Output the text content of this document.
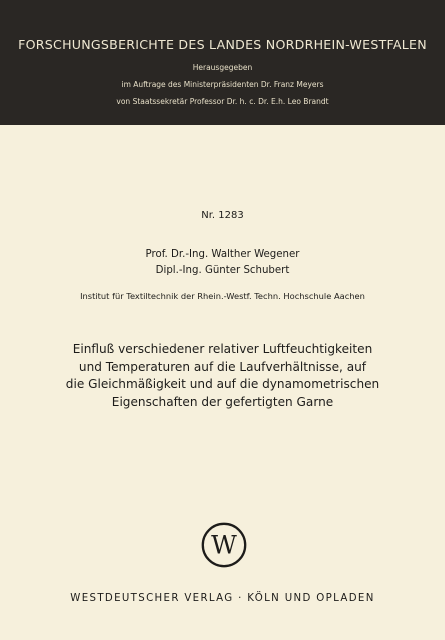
FORSCHUNGSBERICHTE DES LANDES NORDRHEIN-WESTFALEN
Herausgegeben
im Auftrage des Ministerpräsidenten Dr. Franz Meyers
von Staatssekretär Professor Dr. h. c. Dr. E.h. Leo Brandt
Nr. 1283
Prof. Dr.-Ing. Walther Wegener
Dipl.-Ing. Günter Schubert
Institut für Textiltechnik der Rhein.-Westf. Techn. Hochschule Aachen
Einfluß verschiedener relativer Luftfeuchtigkeiten
und Temperaturen auf die Laufverhältnisse, auf
die Gleichmäßigkeit und auf die dynamometrischen
Eigenschaften der gefertigten Garne
W
WESTDEUTSCHER VERLAG · KÖLN UND OPLADEN
